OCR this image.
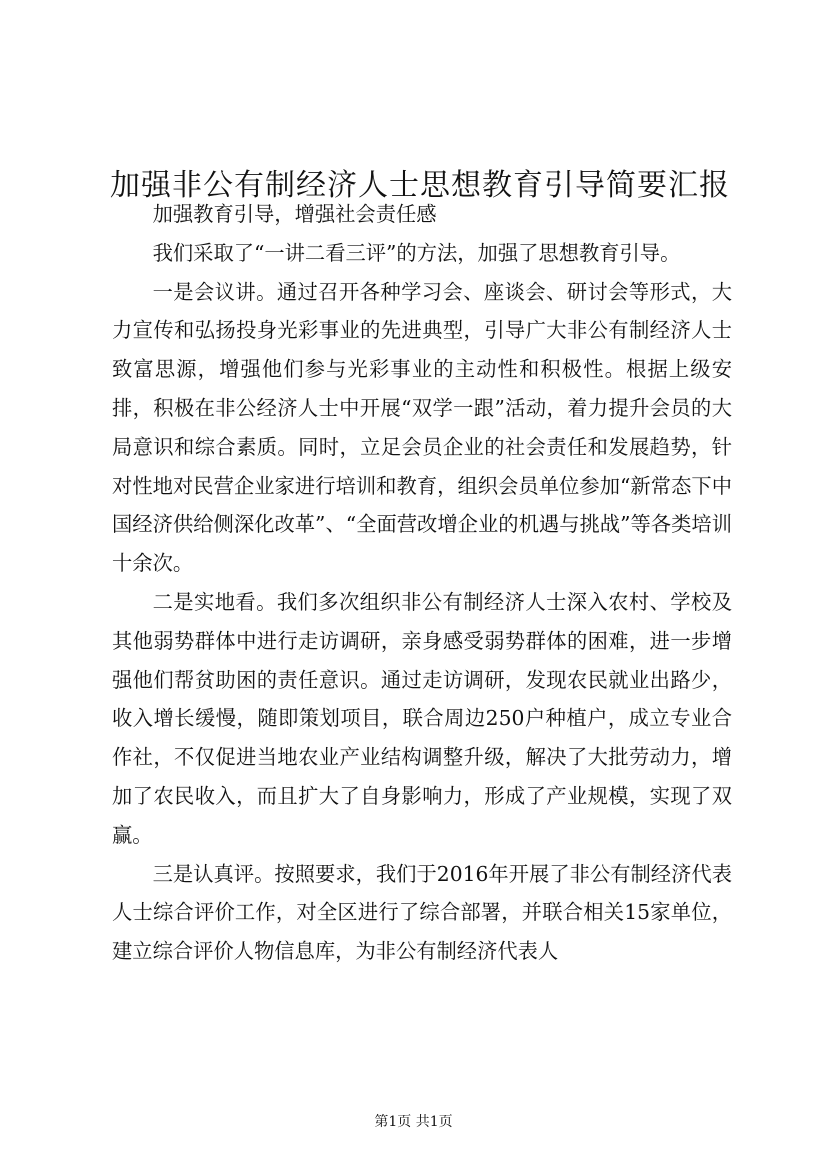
加强非公有制经济人士思想教育引导简要汇报

加强教育引导，增强社会责任感

我们采取了“一讲二看三评”的方法，加强了思想教育引导。

一是会议讲。通过召开各种学习会、座谈会、研讨会等形式，大力宣传和弘扬投身光彩事业的先进典型，引导广大非公有制经济人士致富思源，增强他们参与光彩事业的主动性和积极性。根据上级安排，积极在非公经济人士中开展“双学一跟”活动，着力提升会员的大局意识和综合素质。同时，立足会员企业的社会责任和发展趋势，针对性地对民营企业家进行培训和教育，组织会员单位参加“新常态下中国经济供给侧深化改革”、“全面营改增企业的机遇与挑战”等各类培训十余次。

二是实地看。我们多次组织非公有制经济人士深入农村、学校及其他弱势群体中进行走访调研，亲身感受弱势群体的困难，进一步增强他们帮贫助困的责任意识。通过走访调研，发现农民就业出路少，收入增长缓慢，随即策划项目，联合周边250户种植户，成立专业合作社，不仅促进当地农业产业结构调整升级，解决了大批劳动力，增加了农民收入，而且扩大了自身影响力，形成了产业规模，实现了双赢。

三是认真评。按照要求，我们于2016年开展了非公有制经济代表人士综合评价工作，对全区进行了综合部署，并联合相关15家单位，建立综合评价人物信息库，为非公有制经济代表人

第1页 共1页
